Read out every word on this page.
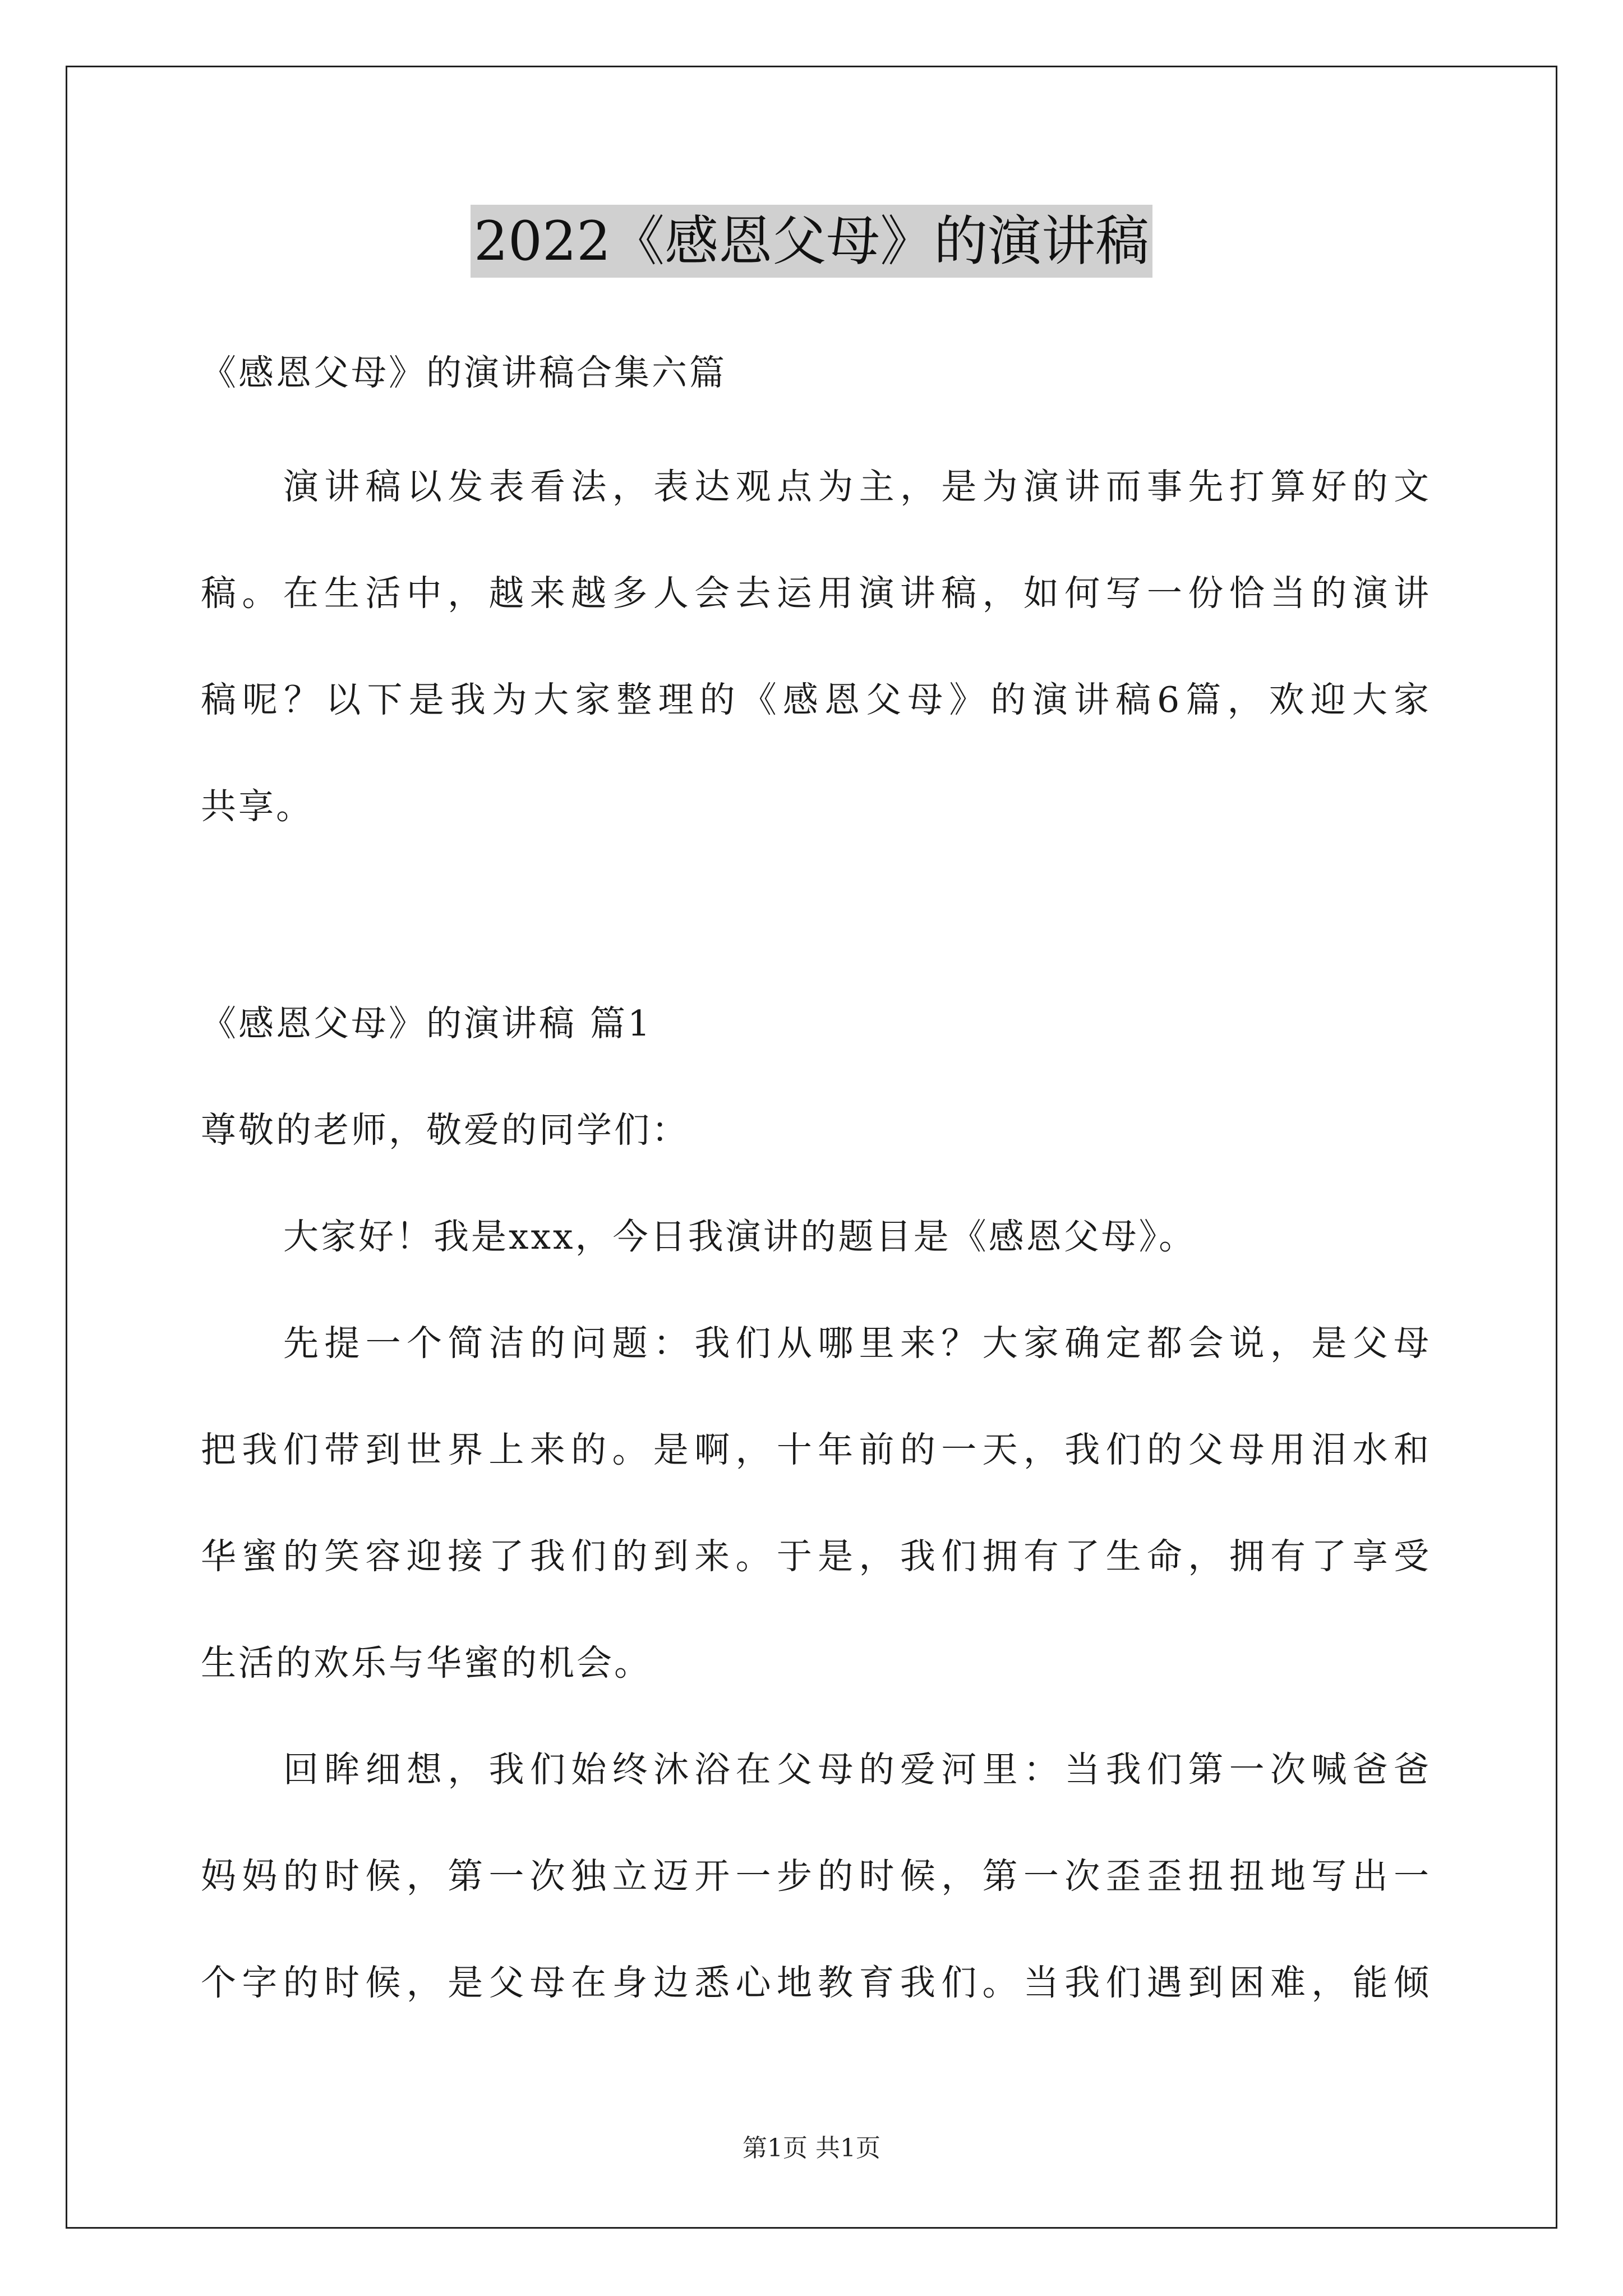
2022《感恩父母》的演讲稿
《感恩父母》的演讲稿合集六篇
演讲稿以发表看法，表达观点为主，是为演讲而事先打算好的文
稿。在生活中，越来越多人会去运用演讲稿，如何写一份恰当的演讲
稿呢？以下是我为大家整理的《感恩父母》的演讲稿6篇，欢迎大家
共享。
《感恩父母》的演讲稿 篇1
尊敬的老师，敬爱的同学们：
大家好！我是xxx，今日我演讲的题目是《感恩父母》。
先提一个简洁的问题：我们从哪里来？大家确定都会说，是父母
把我们带到世界上来的。是啊，十年前的一天，我们的父母用泪水和
华蜜的笑容迎接了我们的到来。于是，我们拥有了生命，拥有了享受
生活的欢乐与华蜜的机会。
回眸细想，我们始终沐浴在父母的爱河里：当我们第一次喊爸爸
妈妈的时候，第一次独立迈开一步的时候，第一次歪歪扭扭地写出一
个字的时候，是父母在身边悉心地教育我们。当我们遇到困难，能倾
第1页 共1页
